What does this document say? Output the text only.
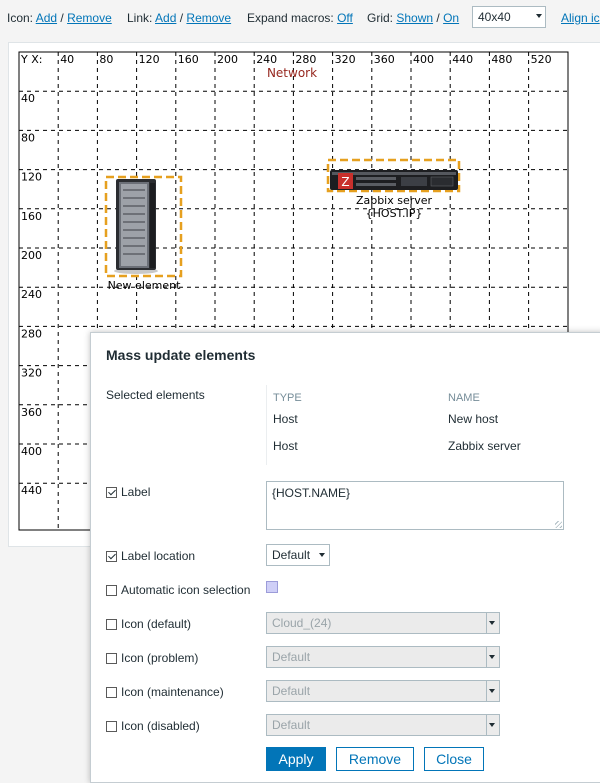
Icon: Add / Remove Link: Add / Remove Expand macros: Off Grid: Shown / On	40x40	Align ic
40 80 120 160 200 240 280 320 360 400 440 480 520
40
80
120
160
200
240
280
320
360
400
440
Y X:
Network
New element
Z
Zabbix server
{HOST.IP}
Mass update elements
Selected elements	TYPE	NAME
Host	New host
Host	Zabbix server
Label	{HOST.NAME}
Label location	Default
Automatic icon selection
Icon (default)	Cloud_(24)
Icon (problem)	Default
Icon (maintenance)	Default
Icon (disabled)	Default
Apply	Remove	Close
